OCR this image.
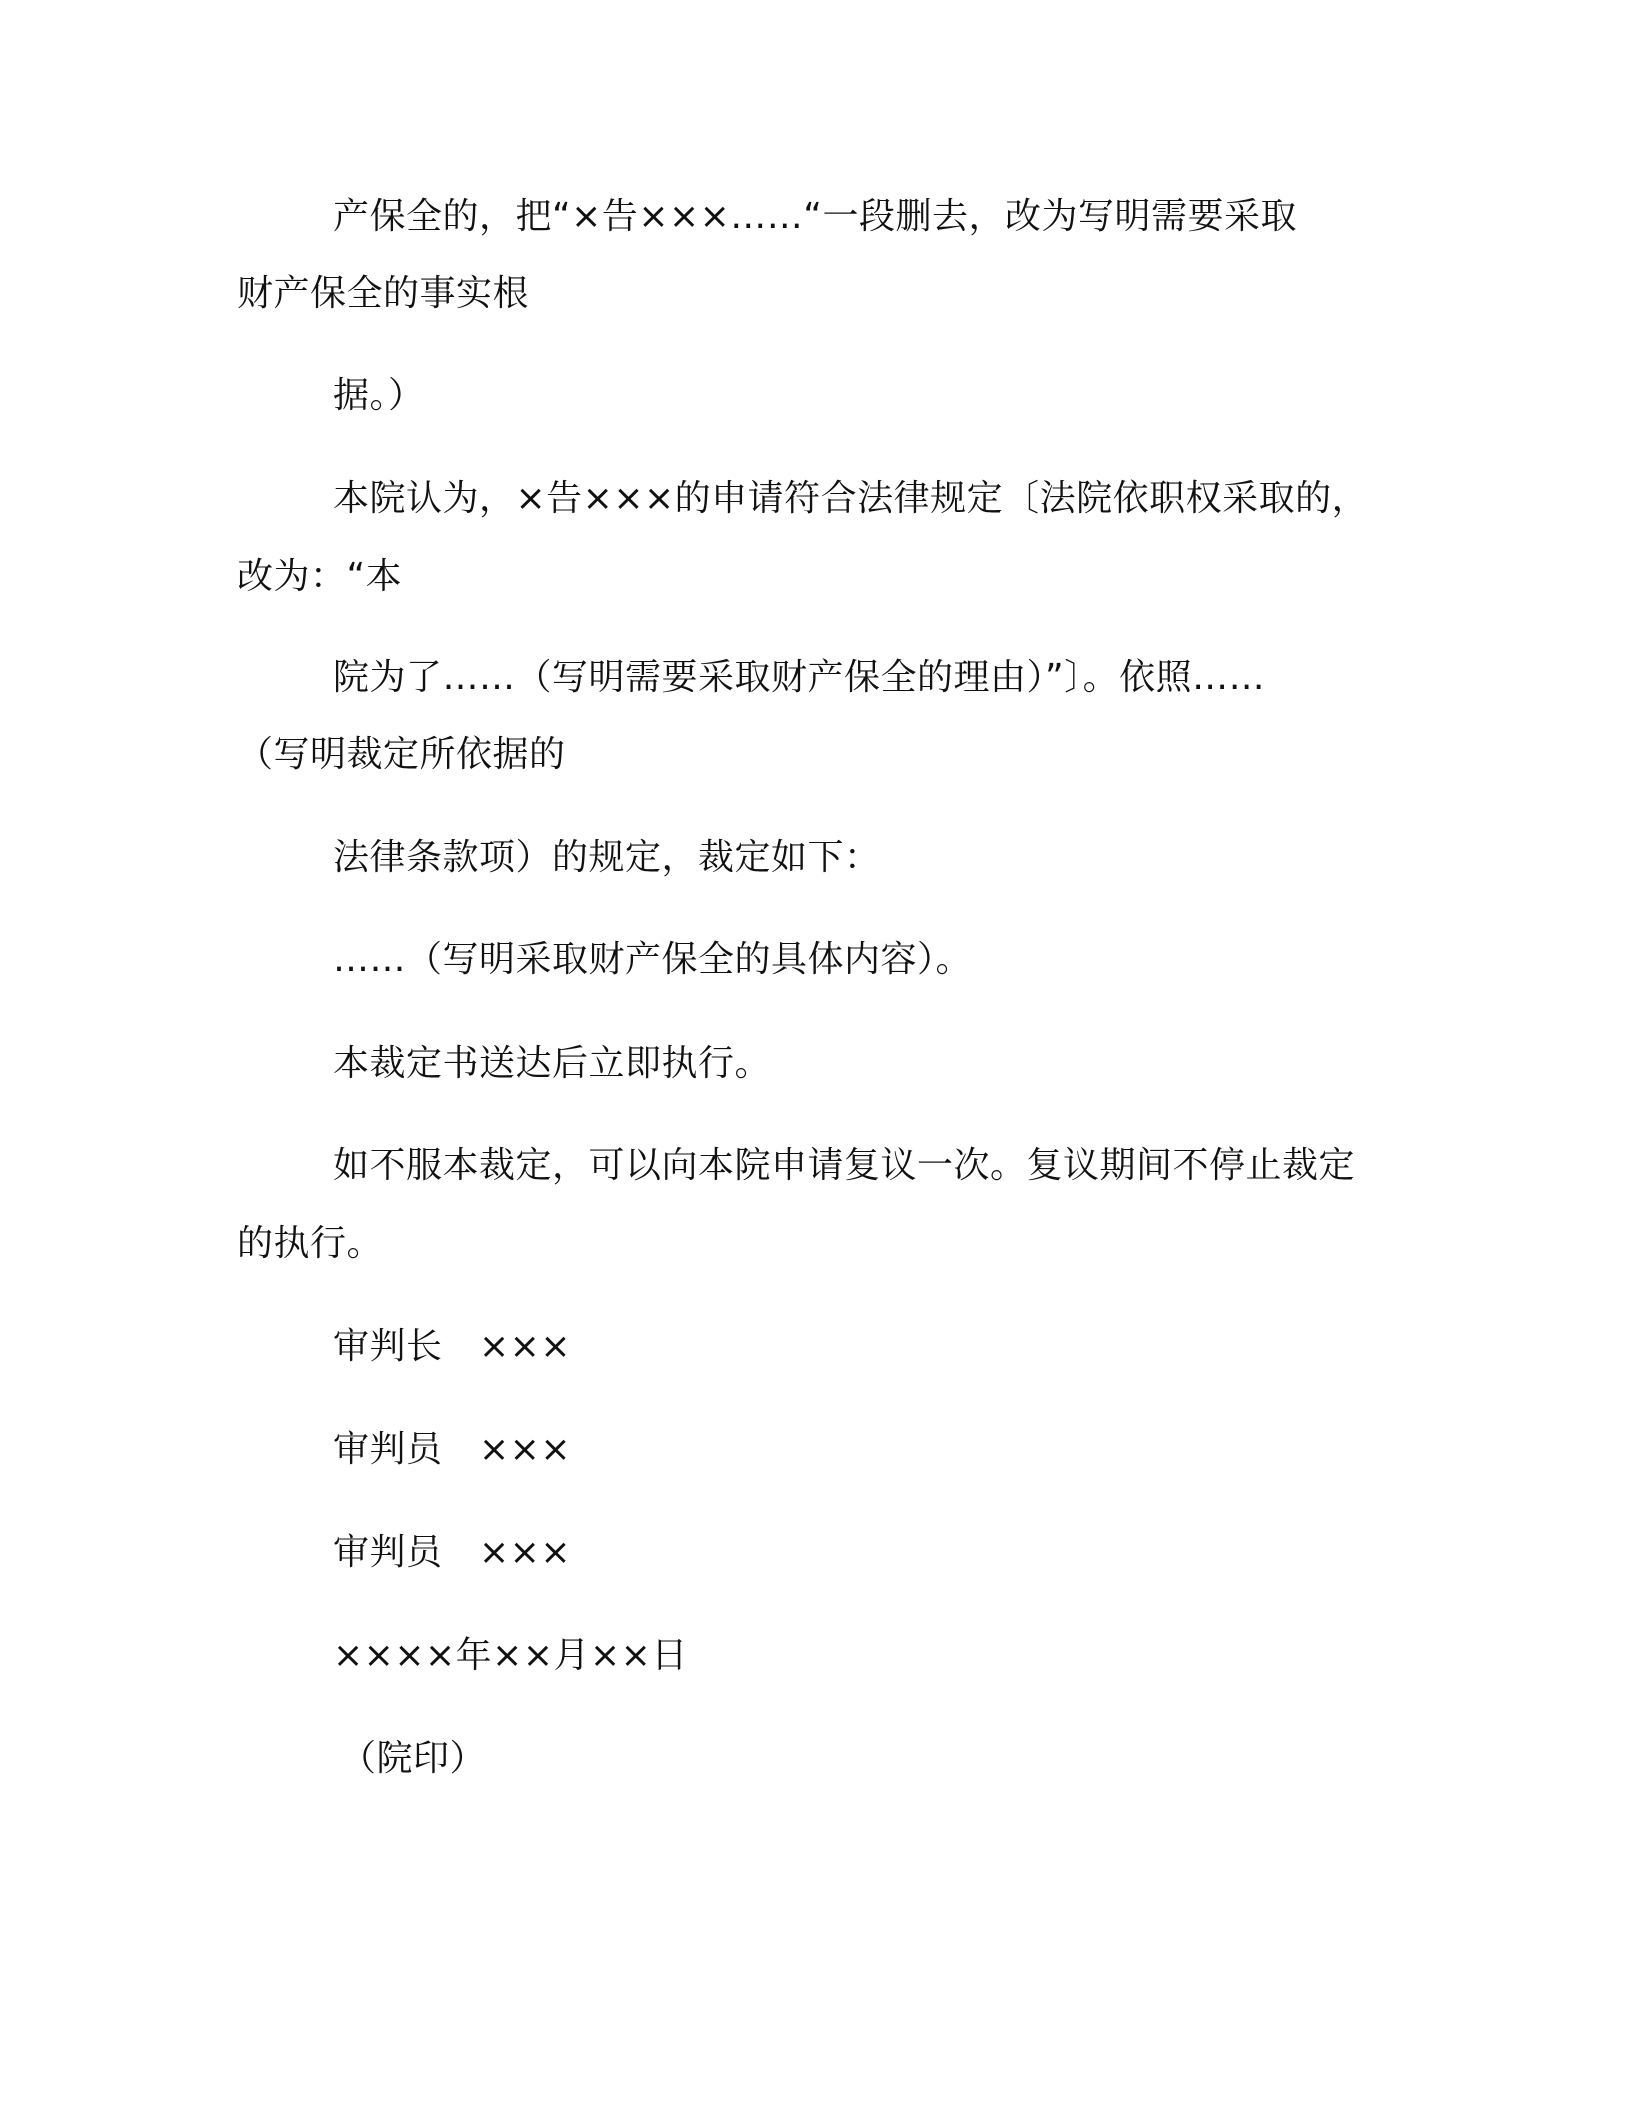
产保全的，把“×告×××……“一段删去，改为写明需要采取
财产保全的事实根
据。）
本院认为，×告×××的申请符合法律规定〔法院依职权采取的，
改为：“本
院为了……（写明需要采取财产保全的理由）”〕。依照……
（写明裁定所依据的
法律条款项）的规定，裁定如下：
……（写明采取财产保全的具体内容）。
本裁定书送达后立即执行。
如不服本裁定，可以向本院申请复议一次。复议期间不停止裁定
的执行。
审判长　×××
审判员　×××
审判员　×××
××××年××月××日
（院印）
